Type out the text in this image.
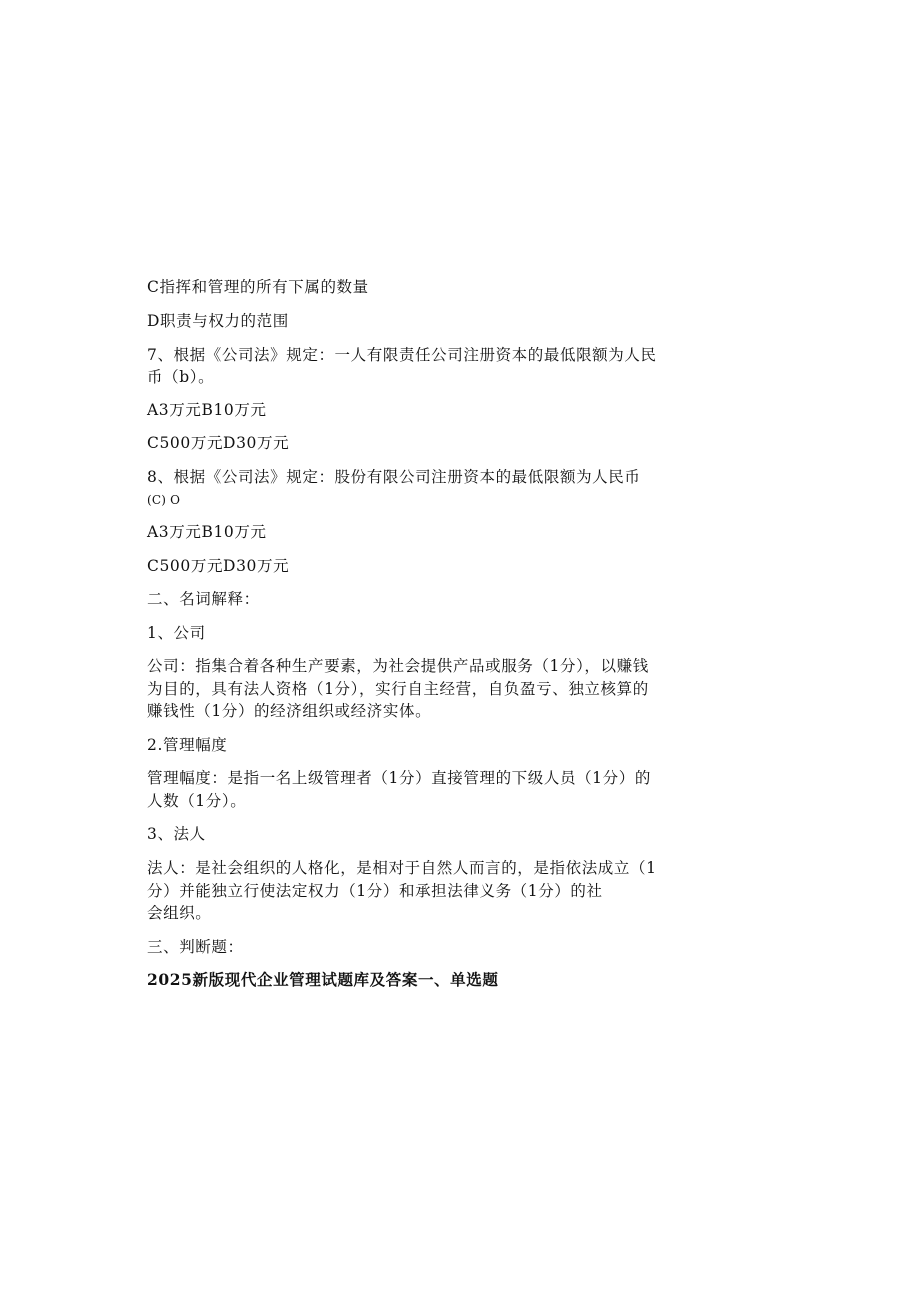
C指挥和管理的所有下属的数量
D职责与权力的范围
7、根据《公司法》规定：一人有限责任公司注册资本的最低限额为人民
币（b）。
A3万元B10万元
C500万元D30万元
8、根据《公司法》规定：股份有限公司注册资本的最低限额为人民币
(C) O
A3万元B10万元
C500万元D30万元
二、名词解释：
1、公司
公司：指集合着各种生产要素，为社会提供产品或服务（1分），以赚钱
为目的，具有法人资格（1分），实行自主经营，自负盈亏、独立核算的
赚钱性（1分）的经济组织或经济实体。
2.管理幅度
管理幅度：是指一名上级管理者（1分）直接管理的下级人员（1分）的
人数（1分）。
3、法人
法人：是社会组织的人格化，是相对于自然人而言的，是指依法成立（1
分）并能独立行使法定权力（1分）和承担法律义务（1分）的社
会组织。
三、判断题：
2025新版现代企业管理试题库及答案一、单选题
